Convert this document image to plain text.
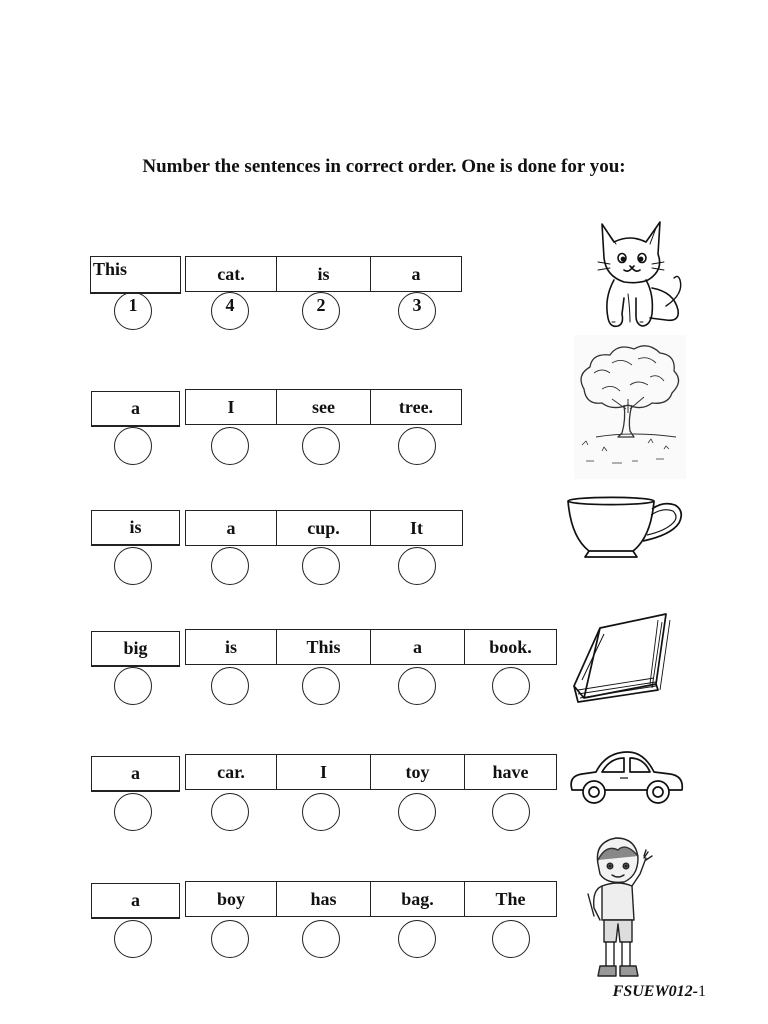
Number the sentences in correct order. One is done for you:
This	cat.	is	a
1	4	2	3
a	I	see	tree.
is	a	cup.	It
big	is	This	a	book.
a	car.	I	toy	have
a	boy	has	bag.	The
FSUEW012-1
